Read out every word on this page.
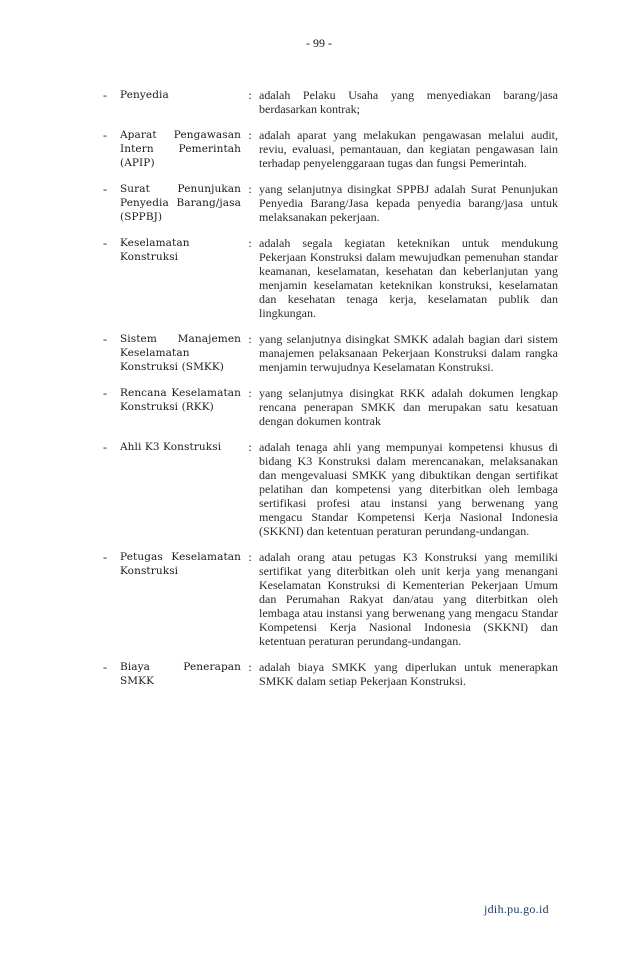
- 99 -
-	Penyedia	: adalah Pelaku Usaha yang menyediakan barang/jasa berdasarkan kontrak;
-	Aparat Pengawasan Intern Pemerintah (APIP)
: adalah aparat yang melakukan pengawasan melalui audit, reviu, evaluasi, pemantauan, dan kegiatan pengawasan lain terhadap penyelenggaraan tugas dan fungsi Pemerintah.
-	Surat Penunjukan Penyedia Barang/jasa (SPPBJ)
: yang selanjutnya disingkat SPPBJ adalah Surat Penunjukan Penyedia Barang/Jasa kepada penyedia barang/jasa untuk melaksanakan pekerjaan.
-	Keselamatan Konstruksi
: adalah segala kegiatan keteknikan untuk mendukung Pekerjaan Konstruksi dalam mewujudkan pemenuhan standar keamanan, keselamatan, kesehatan dan keberlanjutan yang menjamin keselamatan keteknikan konstruksi, keselamatan dan kesehatan tenaga kerja, keselamatan publik dan lingkungan.
-	Sistem Manajemen Keselamatan Konstruksi (SMKK)
: yang selanjutnya disingkat SMKK adalah bagian dari sistem manajemen pelaksanaan Pekerjaan Konstruksi dalam rangka menjamin terwujudnya Keselamatan Konstruksi.
-	Rencana Keselamatan Konstruksi (RKK)
: yang selanjutnya disingkat RKK adalah dokumen lengkap rencana penerapan SMKK dan merupakan satu kesatuan dengan dokumen kontrak
-	Ahli K3 Konstruksi	: adalah tenaga ahli yang mempunyai kompetensi khusus di bidang K3 Konstruksi dalam merencanakan, melaksanakan dan mengevaluasi SMKK yang dibuktikan dengan sertifikat pelatihan dan kompetensi yang diterbitkan oleh lembaga sertifikasi profesi atau instansi yang berwenang yang mengacu Standar Kompetensi Kerja Nasional Indonesia (SKKNI) dan ketentuan peraturan perundang-undangan.
-	Petugas Keselamatan Konstruksi
: adalah orang atau petugas K3 Konstruksi yang memiliki sertifikat yang diterbitkan oleh unit kerja yang menangani Keselamatan Konstruksi di Kementerian Pekerjaan Umum dan Perumahan Rakyat dan/atau yang diterbitkan oleh lembaga atau instansi yang berwenang yang mengacu Standar Kompetensi Kerja Nasional Indonesia (SKKNI) dan ketentuan peraturan perundang-undangan.
-	Biaya Penerapan SMKK
: adalah biaya SMKK yang diperlukan untuk menerapkan SMKK dalam setiap Pekerjaan Konstruksi.
jdih.pu.go.id
